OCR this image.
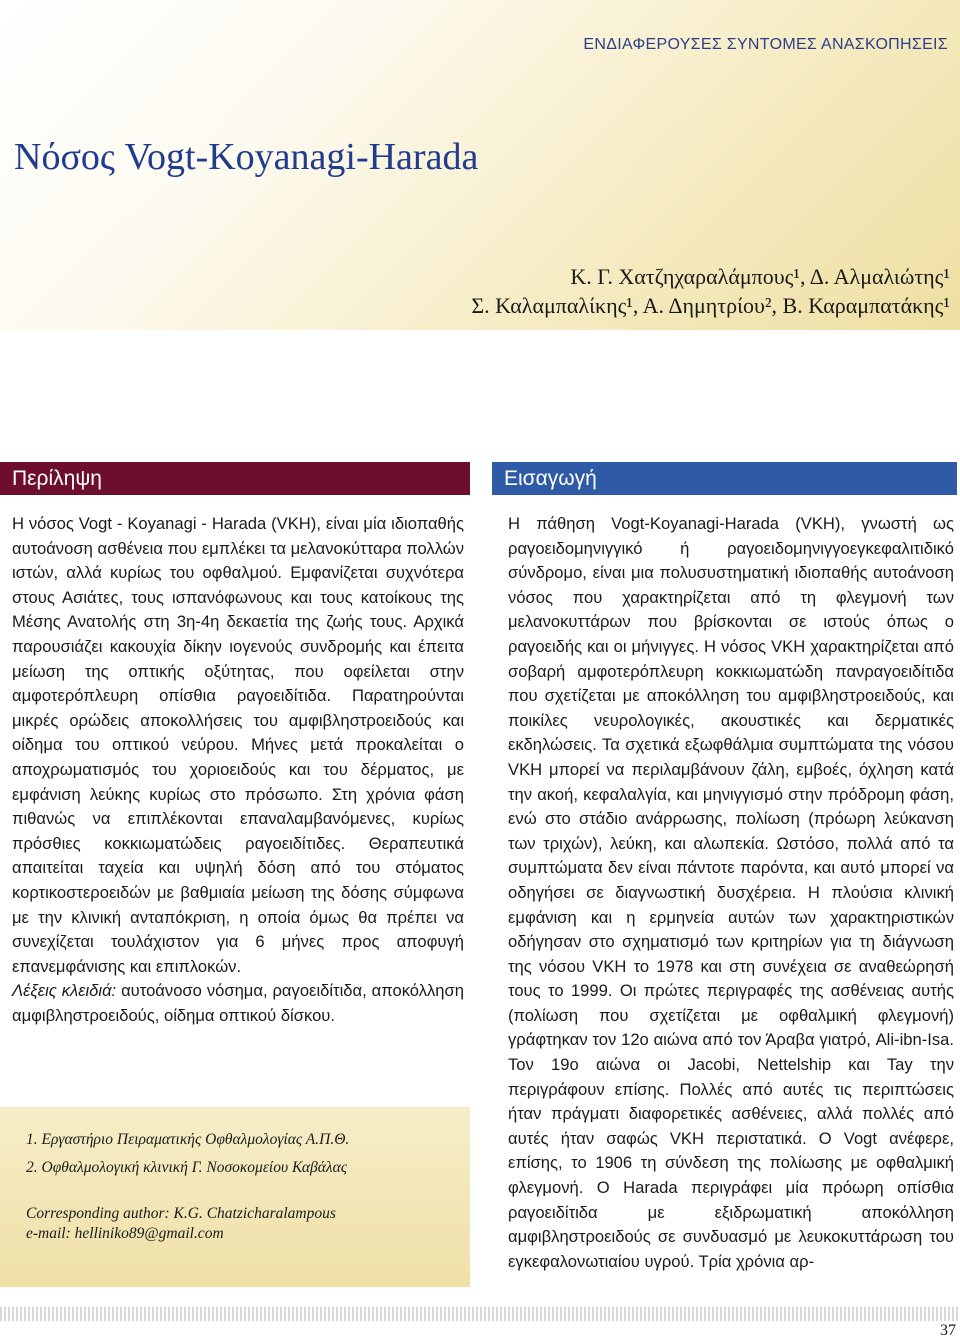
ΕΝΔΙΑΦΕΡΟΥΣΕΣ ΣΥΝΤΟΜΕΣ ΑΝΑΣΚΟΠΗΣΕΙΣ
Νόσος Vogt-Koyanagi-Harada
Κ. Γ. Χατζηχαραλάμπους¹, Δ. Αλμαλιώτης¹
Σ. Καλαμπαλίκης¹, Α. Δημητρίου², Β. Καραμπατάκης¹
Περίληψη	Εισαγωγή
Η νόσος Vogt - Koyanagi - Harada (VKH), είναι μία ιδιοπαθής αυτοάνοση ασθένεια που εμπλέκει τα μελανοκύτταρα πολλών ιστών, αλλά κυρίως του οφθαλμού. Εμφανίζεται συχνότερα στους Ασιάτες, τους ισπανόφωνους και τους κατοίκους της Μέσης Ανατολής στη 3η-4η δεκαετία της ζωής τους. Αρχικά παρουσιάζει κακουχία δίκην ιογενούς συνδρομής και έπειτα μείωση της οπτικής οξύτητας, που οφείλεται στην αμφοτερόπλευρη οπίσθια ραγοειδίτιδα. Παρατηρούνται μικρές ορώδεις αποκολλήσεις του αμφιβληστροειδούς και οίδημα του οπτικού νεύρου. Μήνες μετά προκαλείται ο αποχρωματισμός του χοριοειδούς και του δέρματος, με εμφάνιση λεύκης κυρίως στο πρόσωπο. Στη χρόνια φάση πιθανώς να επιπλέκονται επαναλαμβανόμενες, κυρίως πρόσθιες κοκκιωματώδεις ραγοειδίτιδες. Θεραπευτικά απαιτείται ταχεία και υψηλή δόση από του στόματος κορτικοστεροειδών με βαθμιαία μείωση της δόσης σύμφωνα με την κλινική ανταπόκριση, η οποία όμως θα πρέπει να συνεχίζεται τουλάχιστον για 6 μήνες προς αποφυγή επανεμφάνισης και επιπλοκών.
Λέξεις κλειδιά: αυτοάνοσο νόσημα, ραγοειδίτιδα, αποκόλληση αμφιβληστροειδούς, οίδημα οπτικού δίσκου.
Η πάθηση Vogt-Koyanagi-Harada (VKH), γνωστή ως ραγοειδομηνιγγικό ή ραγοειδομηνιγγοεγκεφαλιτιδικό σύνδρομο, είναι μια πολυσυστηματική ιδιοπαθής αυτοάνοση νόσος που χαρακτηρίζεται από τη φλεγμονή των μελανοκυττάρων που βρίσκονται σε ιστούς όπως ο ραγοειδής και οι μήνιγγες. Η νόσος VKH χαρακτηρίζεται από σοβαρή αμφοτερόπλευρη κοκκιωματώδη πανραγοειδίτιδα που σχετίζεται με αποκόλληση του αμφιβληστροειδούς, και ποικίλες νευρολογικές, ακουστικές και δερματικές εκδηλώσεις. Τα σχετικά εξωφθάλμια συμπτώματα της νόσου VKH μπορεί να περιλαμβάνουν ζάλη, εμβοές, όχληση κατά την ακοή, κεφαλαλγία, και μηνιγγισμό στην πρόδρομη φάση, ενώ στο στάδιο ανάρρωσης, πολίωση (πρόωρη λεύκανση των τριχών), λεύκη, και αλωπεκία. Ωστόσο, πολλά από τα συμπτώματα δεν είναι πάντοτε παρόντα, και αυτό μπορεί να οδηγήσει σε διαγνωστική δυσχέρεια. Η πλούσια κλινική εμφάνιση και η ερμηνεία αυτών των χαρακτηριστικών οδήγησαν στο σχηματισμό των κριτηρίων για τη διάγνωση της νόσου VKH το 1978 και στη συνέχεια σε αναθεώρησή τους το 1999. Οι πρώτες περιγραφές της ασθένειας αυτής (πολίωση που σχετίζεται με οφθαλμική φλεγμονή) γράφτηκαν τον 12ο αιώνα από τον Άραβα γιατρό, Ali-ibn-Isa. Τον 19ο αιώνα οι Jacobi, Nettelship και Tay την περιγράφουν επίσης. Πολλές από αυτές τις περιπτώσεις ήταν πράγματι διαφορετικές ασθένειες, αλλά πολλές από αυτές ήταν σαφώς VKH περιστατικά. Ο Vogt ανέφερε, επίσης, το 1906 τη σύνδεση της πολίωσης με οφθαλμική φλεγμονή. Ο Harada περιγράφει μία πρόωρη οπίσθια ραγοειδίτιδα με εξιδρωματική αποκόλληση αμφιβληστροειδούς σε συνδυασμό με λευκοκυττάρωση του εγκεφαλονωτιαίου υγρού. Τρία χρόνια αρ-
1. Εργαστήριο Πειραματικής Οφθαλμολογίας Α.Π.Θ.
2. Οφθαλμολογική κλινική Γ. Νοσοκομείου Καβάλας
Corresponding author: K.G. Chatzicharalampous
e-mail: helliniko89@gmail.com
37
